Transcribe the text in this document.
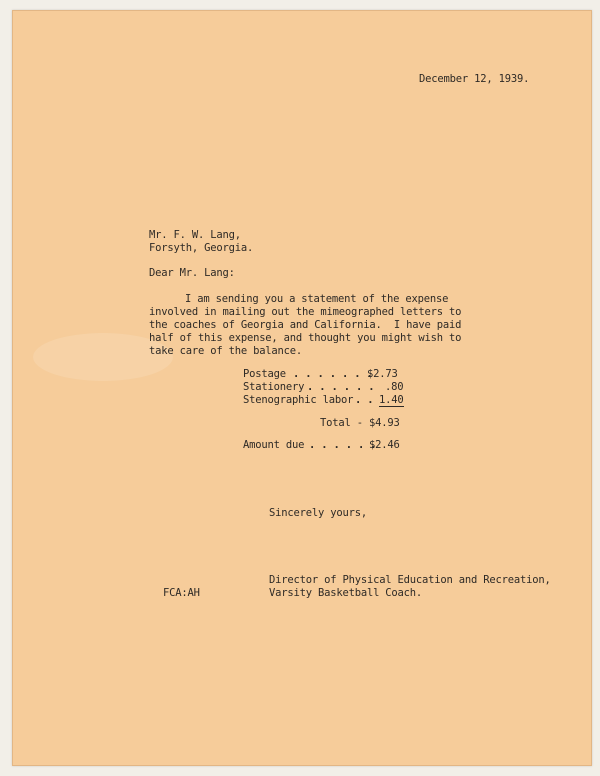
December 12, 1939.
Mr. F. W. Lang,
Forsyth, Georgia.
Dear Mr. Lang:
I am sending you a statement of the expense
involved in mailing out the mimeographed letters to
the coaches of Georgia and California.  I have paid
half of this expense, and thought you might wish to
take care of the balance.
Postage . . . . . . .
$2.73
Stationery . . . . . . .80
Stenographic labor . . 1.40
Total - $4.93
Amount due . . . . . .
$2.46
Sincerely yours,
FCA:AH
Director of Physical Education and Recreation,
Varsity Basketball Coach.
